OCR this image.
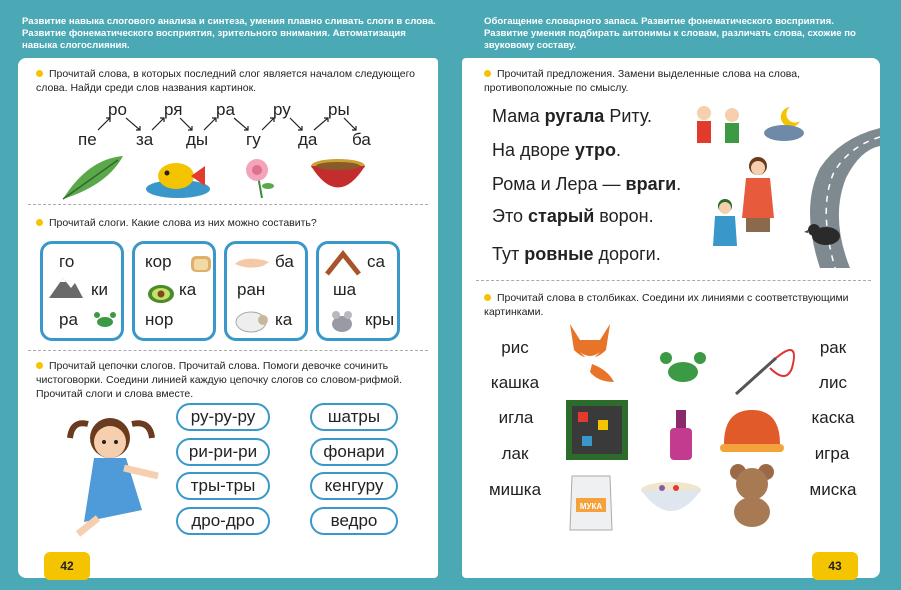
Развитие навыка слогового анализа и синтеза, умения плавно сливать слоги в слова. Развитие фонематического восприятия, зрительного внимания. Автоматизация навыка слогослияния.
Обогащение словарного запаса. Развитие фонематического восприятия. Развитие умения подбирать антонимы к словам, различать слова, схожие по звуковому составу.
Прочитай слова, в которых последний слог является началом следующего слова. Найди среди слов названия картинок.
ро ря ра ру ры
пе за ды гу да ба
Прочитай слоги. Какие слова из них можно составить?
го
ки
ра
кор
ка
нор
ба
ран
ка
са
ша
кры
Прочитай цепочки слогов. Прочитай слова. Помоги девочке сочинить чистоговорки. Соедини линией каждую цепочку слогов со словом-рифмой. Прочитай слоги и слова вместе.
ру-ру-ру
ри-ри-ри
тры-тры
дро-дро
шатры
фонари
кенгуру
ведро
42
Прочитай предложения. Замени выделенные слова на слова, противоположные по смыслу.
Мама ругала Риту.
На дворе утро.
Рома и Лера — враги.
Это старый ворон.
Тут ровные дороги.
Прочитай слова в столбиках. Соедини их линиями с соответствующими картинками.
рис
кашка
игла
лак
мишка
рак
лис
каска
игра
миска
МУКА
43
